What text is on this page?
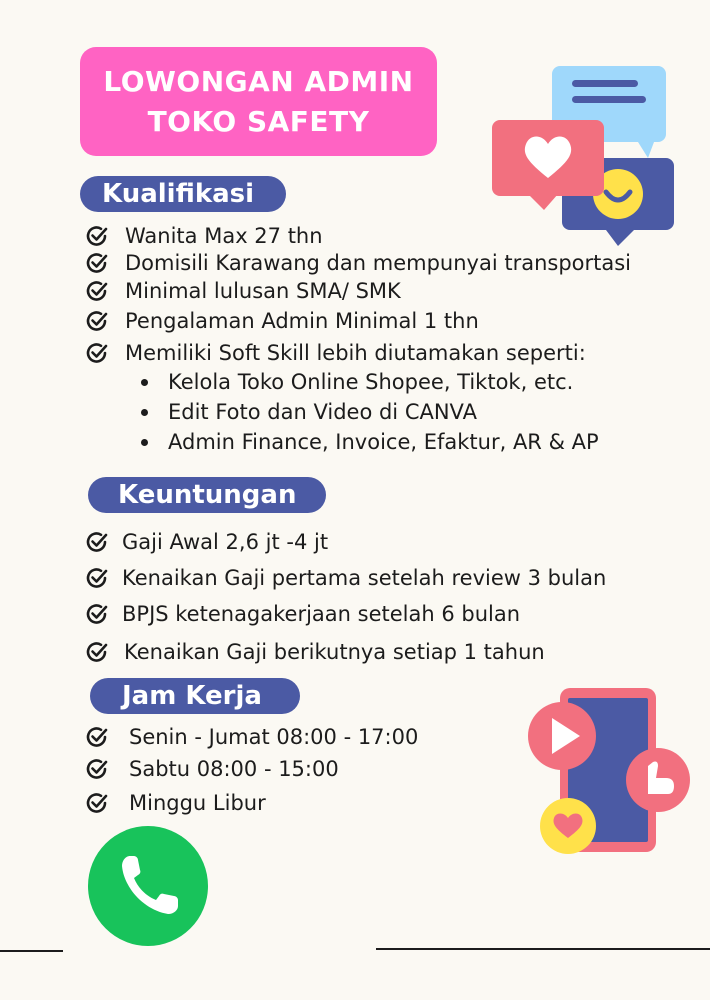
LOWONGAN ADMIN
TOKO SAFETY
Kualifikasi
Wanita Max 27 thn
Domisili Karawang dan mempunyai transportasi
Minimal lulusan SMA/ SMK
Pengalaman Admin Minimal 1 thn
Memiliki Soft Skill lebih diutamakan seperti:
Kelola Toko Online Shopee, Tiktok, etc.
Edit Foto dan Video di CANVA
Admin Finance, Invoice, Efaktur, AR & AP
Keuntungan
Gaji Awal 2,6 jt -4 jt
Kenaikan Gaji pertama setelah review 3 bulan
BPJS ketenagakerjaan setelah 6 bulan
Kenaikan Gaji berikutnya setiap 1 tahun
Jam Kerja
Senin - Jumat 08:00 - 17:00
Sabtu 08:00 - 15:00
Minggu Libur
